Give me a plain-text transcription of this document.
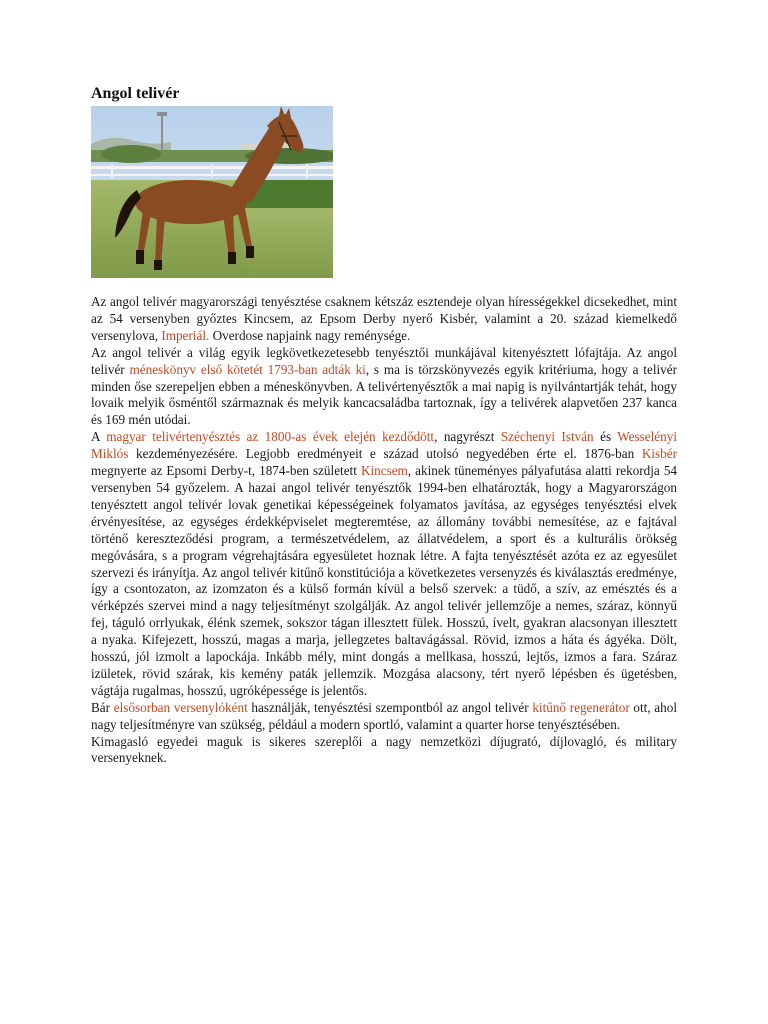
Angol telivér

Az angol telivér magyarországi tenyésztése csaknem kétszáz esztendeje olyan hírességekkel dicsekedhet, mint az 54 versenyben győztes Kincsem, az Epsom Derby nyerő Kisbér, valamint a 20. század kiemelkedő versenylova, Imperiál. Overdose napjaink nagy reménysége.

Az angol telivér a világ egyik legkövetkezetesebb tenyésztői munkájával kitenyésztett lófajtája. Az angol telivér méneskönyv első kötetét 1793-ban adták ki, s ma is törzskönyvezés egyik kritériuma, hogy a telivér minden őse szerepeljen ebben a méneskönyvben. A telivértenyésztők a mai napig is nyilvántartják tehát, hogy lovaik melyik ősméntől származnak és melyik kancacsaládba tartoznak, így a telivérek alapvetően 237 kanca és 169 mén utódai.

A magyar telivértenyésztés az 1800-as évek elején kezdődött, nagyrészt Széchenyi István és Wesselényi Miklós kezdeményezésére. Legjobb eredményeit e század utolsó negyedében érte el. 1876-ban Kisbér megnyerte az Epsomi Derby-t, 1874-ben született Kincsem, akinek tüneményes pályafutása alatti rekordja 54 versenyben 54 győzelem. A hazai angol telivér tenyésztők 1994-ben elhatározták, hogy a Magyarországon tenyésztett angol telivér lovak genetikai képességeinek folyamatos javítása, az egységes tenyésztési elvek érvényesítése, az egységes érdekképviselet megteremtése, az állomány további nemesítése, az e fajtával történő kereszteződési program, a természetvédelem, az állatvédelem, a sport és a kulturális örökség megóvására, s a program végrehajtására egyesületet hoznak létre. A fajta tenyésztését azóta ez az egyesület szervezi és irányítja. Az angol telivér kitűnő konstitúciója a következetes versenyzés és kiválasztás eredménye, így a csontozaton, az izomzaton és a külső formán kívül a belső szervek: a tüdő, a szív, az emésztés és a vérképzés szervei mind a nagy teljesítményt szolgálják. Az angol telivér jellemzője a nemes, száraz, könnyű fej, táguló orrlyukak, élénk szemek, sokszor tágan illesztett fülek. Hosszú, ívelt, gyakran alacsonyan illesztett a nyaka. Kifejezett, hosszú, magas a marja, jellegzetes baltavágással. Rövid, izmos a háta és ágyéka. Dölt, hosszú, jól izmolt a lapockája. Inkább mély, mint dongás a mellkasa, hosszú, lejtős, izmos a fara. Száraz izületek, rövid szárak, kis kemény paták jellemzik. Mozgása alacsony, tért nyerő lépésben és ügetésben, vágtája rugalmas, hosszú, ugróképessége is jelentős.

Bár elsősorban versenylóként használják, tenyésztési szempontból az angol telivér kitűnő regenerátor ott, ahol nagy teljesítményre van szükség, például a modern sportló, valamint a quarter horse tenyésztésében.

Kimagasló egyedei maguk is sikeres szereplői a nagy nemzetközi díjugrató, díjlovagló, és military versenyeknek.
